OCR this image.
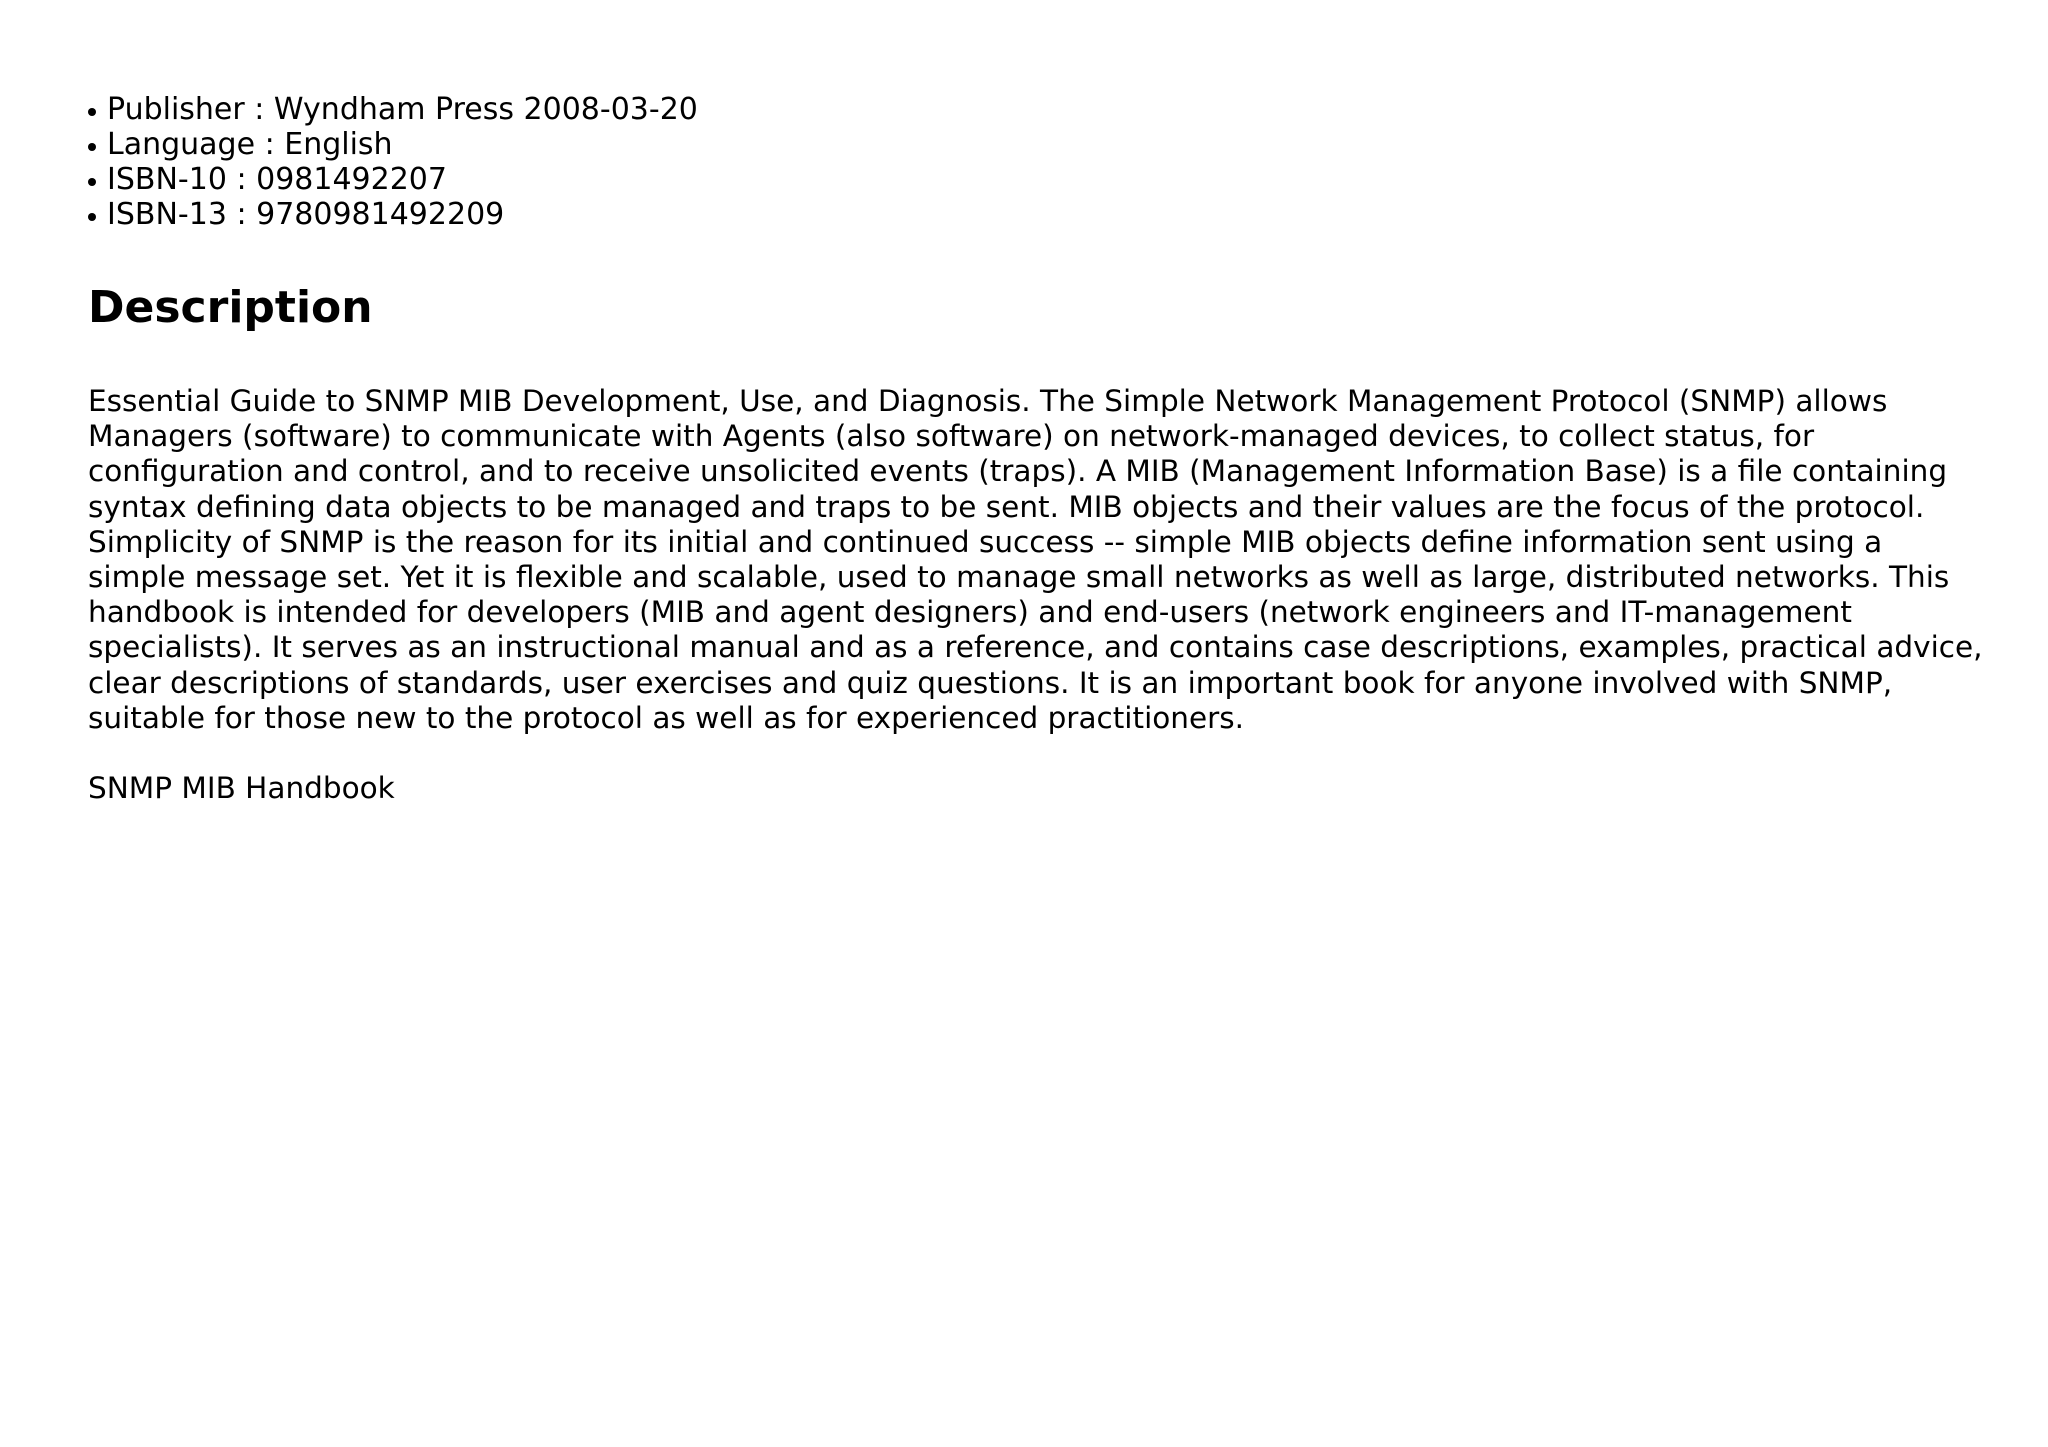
Publisher : Wyndham Press 2008-03-20
Language : English
ISBN-10 : 0981492207
ISBN-13 : 9780981492209
Description

Essential Guide to SNMP MIB Development, Use, and Diagnosis. The Simple Network Management Protocol (SNMP) allows Managers (software) to communicate with Agents (also software) on network-managed devices, to collect status, for configuration and control, and to receive unsolicited events (traps). A MIB (Management Information Base) is a file containing syntax defining data objects to be managed and traps to be sent. MIB objects and their values are the focus of the protocol. Simplicity of SNMP is the reason for its initial and continued success -- simple MIB objects define information sent using a simple message set. Yet it is flexible and scalable, used to manage small networks as well as large, distributed networks. This handbook is intended for developers (MIB and agent designers) and end-users (network engineers and IT-management specialists). It serves as an instructional manual and as a reference, and contains case descriptions, examples, practical advice, clear descriptions of standards, user exercises and quiz questions. It is an important book for anyone involved with SNMP, suitable for those new to the protocol as well as for experienced practitioners.

SNMP MIB Handbook
